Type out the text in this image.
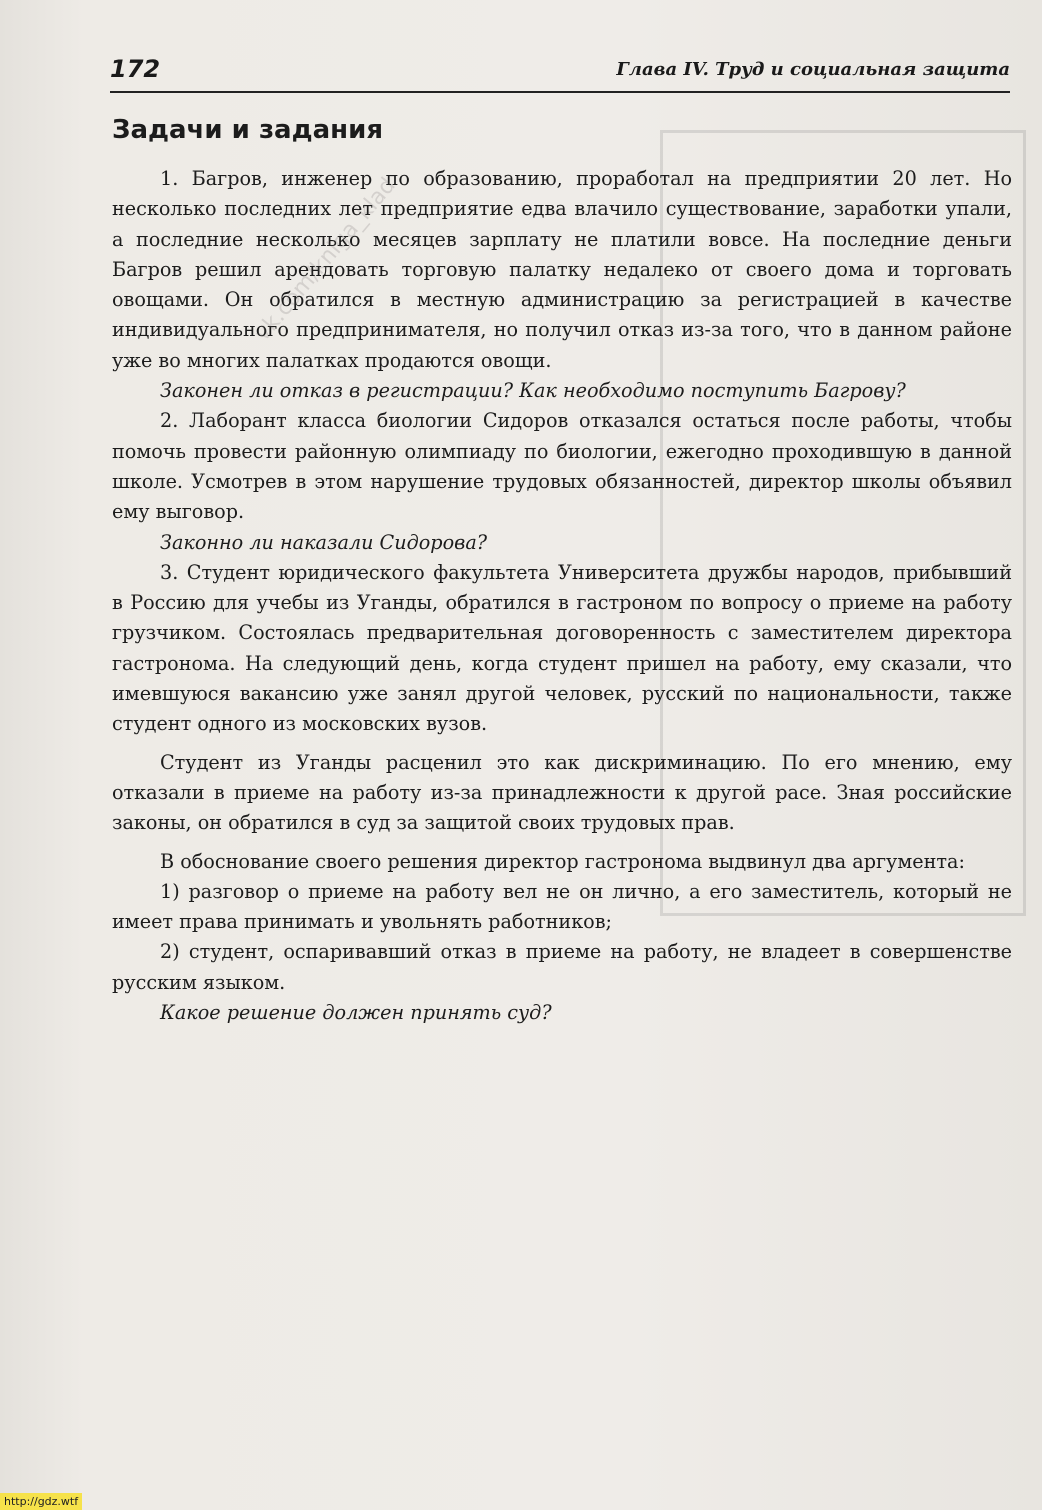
172	Глава IV. Труд и социальная защита
Задачи и задания

1. Багров, инженер по образованию, проработал на предприятии 20 лет. Но несколько последних лет предприятие едва влачило существование, заработки упали, а последние несколько месяцев зарплату не платили вовсе. На последние деньги Багров решил арендовать торговую палатку недалеко от своего дома и торговать овощами. Он обратился в местную администрацию за регистрацией в качестве индивидуального предпринимателя, но получил отказ из-за того, что в данном районе уже во многих палатках продаются овощи.

Законен ли отказ в регистрации? Как необходимо поступить Багрову?

2. Лаборант класса биологии Сидоров отказался остаться после работы, чтобы помочь провести районную олимпиаду по биологии, ежегодно проходившую в данной школе. Усмотрев в этом нарушение трудовых обязанностей, директор школы объявил ему выговор.

Законно ли наказали Сидорова?

3. Студент юридического факультета Университета дружбы народов, прибывший в Россию для учебы из Уганды, обратился в гастроном по вопросу о приеме на работу грузчиком. Состоялась предварительная договоренность с заместителем директора гастронома. На следующий день, когда студент пришел на работу, ему сказали, что имевшуюся вакансию уже занял другой человек, русский по национальности, также студент одного из московских вузов.

Студент из Уганды расценил это как дискриминацию. По его мнению, ему отказали в приеме на работу из-за принадлежности к другой расе. Зная российские законы, он обратился в суд за защитой своих трудовых прав.

В обоснование своего решения директор гастронома выдвинул два аргумента:

1) разговор о приеме на работу вел не он лично, а его заместитель, который не имеет права принимать и увольнять работников;

2) студент, оспаривавший отказ в приеме на работу, не владеет в совершенстве русским языком.

Какое решение должен принять суд?

vk.com/kniga_klad
http://gdz.wtf
